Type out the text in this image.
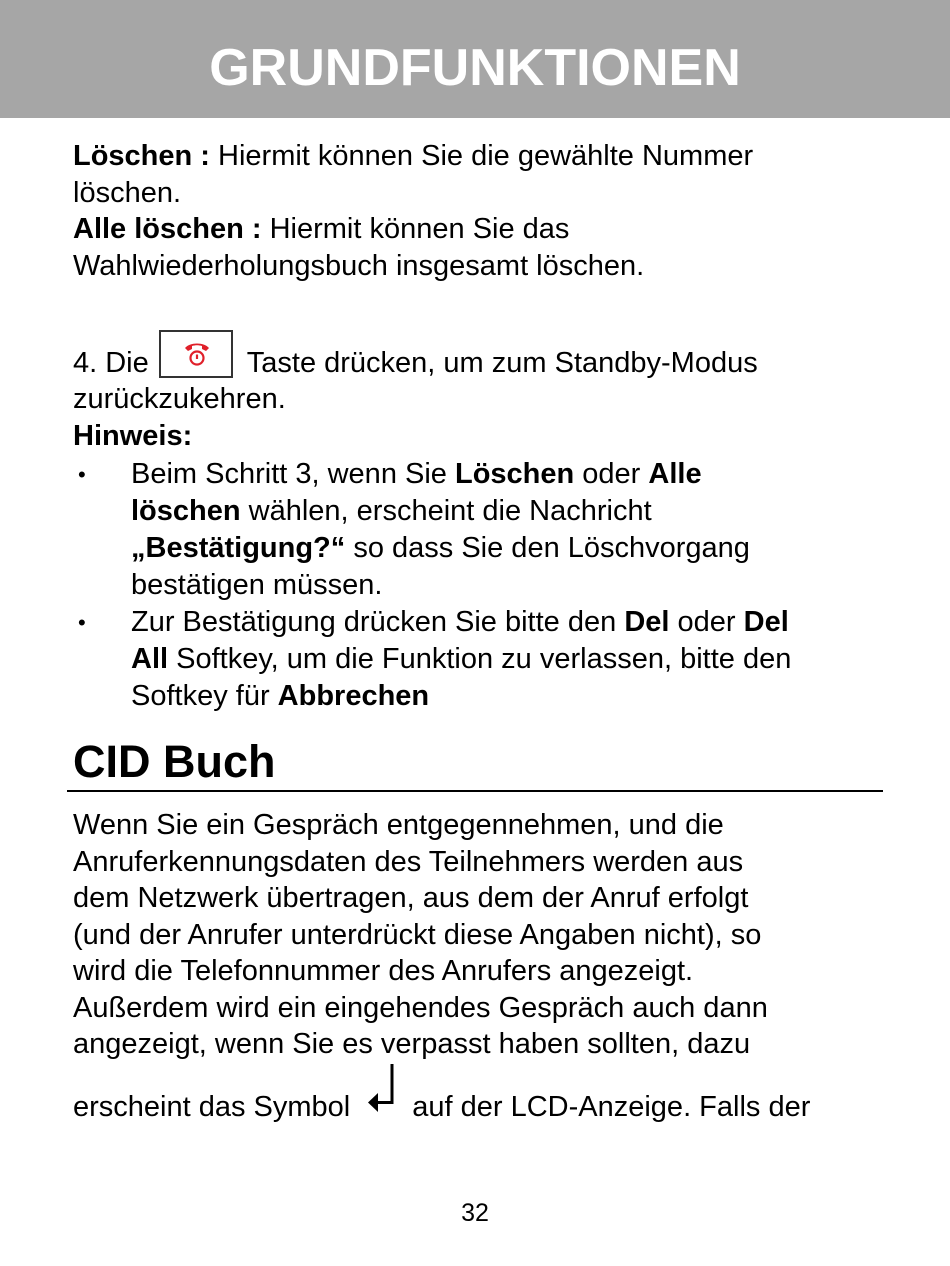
GRUNDFUNKTIONEN
Löschen : Hiermit können Sie die gewählte Nummer
löschen.
Alle löschen : Hiermit können Sie das
Wahlwiederholungsbuch insgesamt löschen.
4. Die	Taste drücken, um zum Standby-Modus
zurückzukehren.
Hinweis:
• Beim Schritt 3, wenn Sie Löschen oder Alle
löschen wählen, erscheint die Nachricht
„Bestätigung?“ so dass Sie den Löschvorgang
bestätigen müssen.
• Zur Bestätigung drücken Sie bitte den Del oder Del
All Softkey, um die Funktion zu verlassen, bitte den
Softkey für Abbrechen
CID Buch
Wenn Sie ein Gespräch entgegennehmen, und die
Anruferkennungsdaten des Teilnehmers werden aus
dem Netzwerk übertragen, aus dem der Anruf erfolgt
(und der Anrufer unterdrückt diese Angaben nicht), so
wird die Telefonnummer des Anrufers angezeigt.
Außerdem wird ein eingehendes Gespräch auch dann
angezeigt, wenn Sie es verpasst haben sollten, dazu
erscheint das Symbol auf der LCD-Anzeige. Falls der
32
